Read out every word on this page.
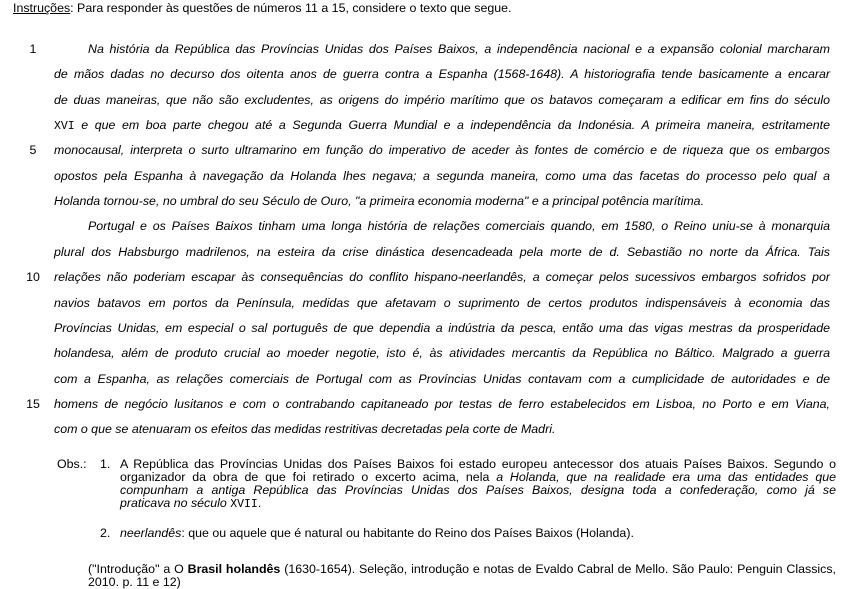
Instruções: Para responder às questões de números 11 a 15, considere o texto que segue.
1
5
10
15
Na história da República das Províncias Unidas dos Países Baixos, a independência nacional e a expansão colonial marcharam
de mãos dadas no decurso dos oitenta anos de guerra contra a Espanha (1568-1648). A historiografia tende basicamente a encarar
de duas maneiras, que não são excludentes, as origens do império marítimo que os batavos começaram a edificar em fins do século
XVI e que em boa parte chegou até a Segunda Guerra Mundial e a independência da Indonésia. A primeira maneira, estritamente
monocausal, interpreta o surto ultramarino em função do imperativo de aceder às fontes de comércio e de riqueza que os embargos
opostos pela Espanha à navegação da Holanda lhes negava; a segunda maneira, como uma das facetas do processo pelo qual a
Holanda tornou-se, no umbral do seu Século de Ouro, "a primeira economia moderna" e a principal potência marítima.
Portugal e os Países Baixos tinham uma longa história de relações comerciais quando, em 1580, o Reino uniu-se à monarquia
plural dos Habsburgo madrilenos, na esteira da crise dinástica desencadeada pela morte de d. Sebastião no norte da África. Tais
relações não poderiam escapar às consequências do conflito hispano-neerlandês, a começar pelos sucessivos embargos sofridos por
navios batavos em portos da Península, medidas que afetavam o suprimento de certos produtos indispensáveis à economia das
Províncias Unidas, em especial o sal português de que dependia a indústria da pesca, então uma das vigas mestras da prosperidade
holandesa, além de produto crucial ao moeder negotie, isto é, às atividades mercantis da República no Báltico. Malgrado a guerra
com a Espanha, as relações comerciais de Portugal com as Províncias Unidas contavam com a cumplicidade de autoridades e de
homens de negócio lusitanos e com o contrabando capitaneado por testas de ferro estabelecidos em Lisboa, no Porto e em Viana,
com o que se atenuaram os efeitos das medidas restritivas decretadas pela corte de Madri.
Obs.: 1. A República das Províncias Unidas dos Países Baixos foi estado europeu antecessor dos atuais Países Baixos. Segundo o
organizador da obra de que foi retirado o excerto acima, nela a Holanda, que na realidade era uma das entidades que
compunham a antiga República das Províncias Unidas dos Países Baixos, designa toda a confederação, como já se
praticava no século XVII.
2. neerlandês: que ou aquele que é natural ou habitante do Reino dos Países Baixos (Holanda).
("Introdução" a O Brasil holandês (1630-1654). Seleção, introdução e notas de Evaldo Cabral de Mello. São Paulo: Penguin Classics,
2010. p. 11 e 12)
